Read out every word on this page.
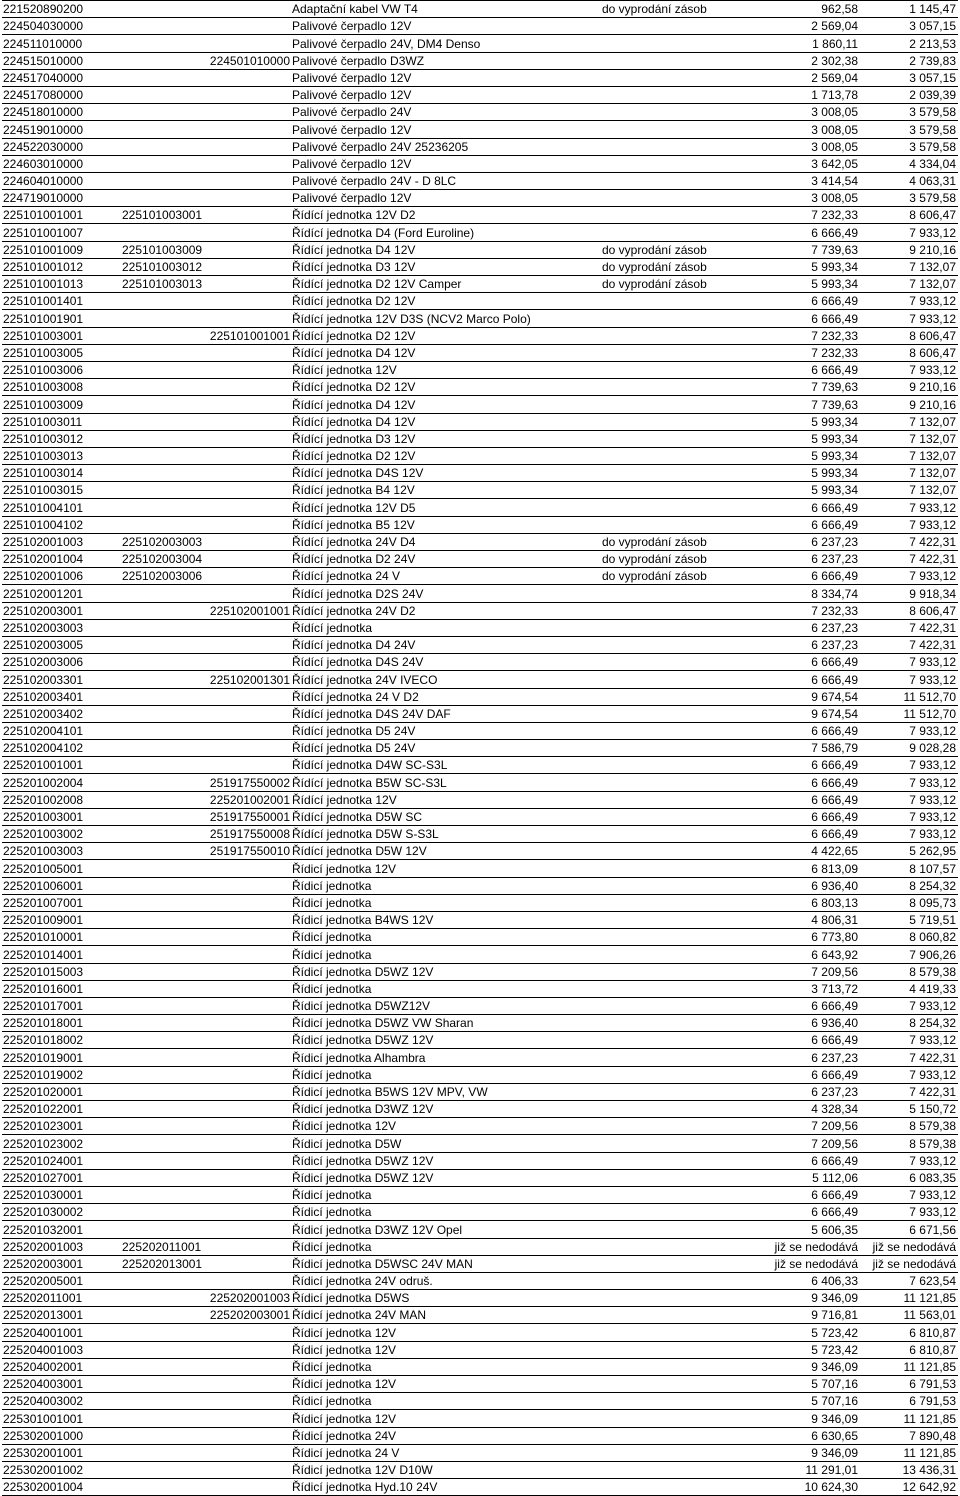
221520890200		Adaptační kabel VW T4	do vyprodání zásob	962,58	1 145,47
224504030000		Palivové čerpadlo 12V		2 569,04	3 057,15
224511010000		Palivové čerpadlo 24V, DM4 Denso		1 860,11	2 213,53
224515010000	224501010000	Palivové čerpadlo D3WZ		2 302,38	2 739,83
224517040000		Palivové čerpadlo 12V		2 569,04	3 057,15
224517080000		Palivové čerpadlo 12V		1 713,78	2 039,39
224518010000		Palivové čerpadlo 24V		3 008,05	3 579,58
224519010000		Palivové čerpadlo 12V		3 008,05	3 579,58
224522030000		Palivové čerpadlo 24V 25236205		3 008,05	3 579,58
224603010000		Palivové čerpadlo 12V		3 642,05	4 334,04
224604010000		Palivové čerpadlo 24V - D 8LC		3 414,54	4 063,31
224719010000		Palivové čerpadlo 12V		3 008,05	3 579,58
225101001001	225101003001	Řídící jednotka 12V D2		7 232,33	8 606,47
225101001007		Řídící jednotka D4 (Ford Euroline)		6 666,49	7 933,12
225101001009	225101003009	Řídící jednotka D4 12V	do vyprodání zásob	7 739,63	9 210,16
225101001012	225101003012	Řídící jednotka D3 12V	do vyprodání zásob	5 993,34	7 132,07
225101001013	225101003013	Řídící jednotka D2 12V Camper	do vyprodání zásob	5 993,34	7 132,07
225101001401		Řídící jednotka D2 12V		6 666,49	7 933,12
225101001901		Řídící jednotka 12V D3S (NCV2 Marco Polo)		6 666,49	7 933,12
225101003001	225101001001	Řídící jednotka D2 12V		7 232,33	8 606,47
225101003005		Řídící jednotka D4 12V		7 232,33	8 606,47
225101003006		Řídící jednotka 12V		6 666,49	7 933,12
225101003008		Řídící jednotka D2 12V		7 739,63	9 210,16
225101003009		Řídící jednotka D4 12V		7 739,63	9 210,16
225101003011		Řídící jednotka D4 12V		5 993,34	7 132,07
225101003012		Řídící jednotka D3 12V		5 993,34	7 132,07
225101003013		Řídící jednotka D2 12V		5 993,34	7 132,07
225101003014		Řídící jednotka D4S 12V		5 993,34	7 132,07
225101003015		Řídící jednotka B4 12V		5 993,34	7 132,07
225101004101		Řídící jednotka 12V D5		6 666,49	7 933,12
225101004102		Řídící jednotka B5 12V		6 666,49	7 933,12
225102001003	225102003003	Řídící jednotka 24V D4	do vyprodání zásob	6 237,23	7 422,31
225102001004	225102003004	Řídící jednotka D2 24V	do vyprodání zásob	6 237,23	7 422,31
225102001006	225102003006	Řídící jednotka 24 V	do vyprodání zásob	6 666,49	7 933,12
225102001201		Řídící jednotka D2S 24V		8 334,74	9 918,34
225102003001	225102001001	Řídící jednotka 24V D2		7 232,33	8 606,47
225102003003		Řídící jednotka		6 237,23	7 422,31
225102003005		Řídící jednotka D4 24V		6 237,23	7 422,31
225102003006		Řídící jednotka D4S 24V		6 666,49	7 933,12
225102003301	225102001301	Řídící jednotka 24V IVECO		6 666,49	7 933,12
225102003401		Řídící jednotka 24 V D2		9 674,54	11 512,70
225102003402		Řídící jednotka D4S 24V DAF		9 674,54	11 512,70
225102004101		Řídící jednotka D5 24V		6 666,49	7 933,12
225102004102		Řídící jednotka D5 24V		7 586,79	9 028,28
225201001001		Řídící jednotka D4W SC-S3L		6 666,49	7 933,12
225201002004	251917550002	Řídící jednotka B5W SC-S3L		6 666,49	7 933,12
225201002008	225201002001	Řídící jednotka 12V		6 666,49	7 933,12
225201003001	251917550001	Řídící jednotka D5W SC		6 666,49	7 933,12
225201003002	251917550008	Řídící jednotka D5W S-S3L		6 666,49	7 933,12
225201003003	251917550010	Řídící jednotka D5W 12V		4 422,65	5 262,95
225201005001		Řídicí jednotka 12V		6 813,09	8 107,57
225201006001		Řídicí jednotka		6 936,40	8 254,32
225201007001		Řídicí jednotka		6 803,13	8 095,73
225201009001		Řídicí jednotka B4WS 12V		4 806,31	5 719,51
225201010001		Řídicí jednotka		6 773,80	8 060,82
225201014001		Řídicí jednotka		6 643,92	7 906,26
225201015003		Řídicí jednotka D5WZ 12V		7 209,56	8 579,38
225201016001		Řídicí jednotka		3 713,72	4 419,33
225201017001		Řídicí jednotka D5WZ12V		6 666,49	7 933,12
225201018001		Řídicí jednotka D5WZ VW Sharan		6 936,40	8 254,32
225201018002		Řídicí jednotka D5WZ 12V		6 666,49	7 933,12
225201019001		Řídicí jednotka Alhambra		6 237,23	7 422,31
225201019002		Řídicí jednotka		6 666,49	7 933,12
225201020001		Řídicí jednotka B5WS 12V MPV, VW		6 237,23	7 422,31
225201022001		Řídicí jednotka D3WZ 12V		4 328,34	5 150,72
225201023001		Řídicí jednotka 12V		7 209,56	8 579,38
225201023002		Řídicí jednotka D5W		7 209,56	8 579,38
225201024001		Řídicí jednotka D5WZ 12V		6 666,49	7 933,12
225201027001		Řídicí jednotka D5WZ 12V		5 112,06	6 083,35
225201030001		Řídicí jednotka		6 666,49	7 933,12
225201030002		Řídicí jednotka		6 666,49	7 933,12
225201032001		Řídicí jednotka D3WZ 12V Opel		5 606,35	6 671,56
225202001003	225202011001	Řídicí jednotka		již se nedodává	již se nedodává
225202003001	225202013001	Řídicí jednotka D5WSC 24V MAN		již se nedodává	již se nedodává
225202005001		Řídicí jednotka 24V odruš.		6 406,33	7 623,54
225202011001	225202001003	Řídicí jednotka D5WS		9 346,09	11 121,85
225202013001	225202003001	Řídicí jednotka 24V MAN		9 716,81	11 563,01
225204001001		Řídicí jednotka 12V		5 723,42	6 810,87
225204001003		Řídicí jednotka 12V		5 723,42	6 810,87
225204002001		Řídicí jednotka		9 346,09	11 121,85
225204003001		Řídicí jednotka 12V		5 707,16	6 791,53
225204003002		Řídicí jednotka		5 707,16	6 791,53
225301001001		Řídicí jednotka 12V		9 346,09	11 121,85
225302001000		Řídicí jednotka 24V		6 630,65	7 890,48
225302001001		Řídicí jednotka 24 V		9 346,09	11 121,85
225302001002		Řídicí jednotka 12V D10W		11 291,01	13 436,31
225302001004		Řídicí jednotka Hyd.10 24V		10 624,30	12 642,92
